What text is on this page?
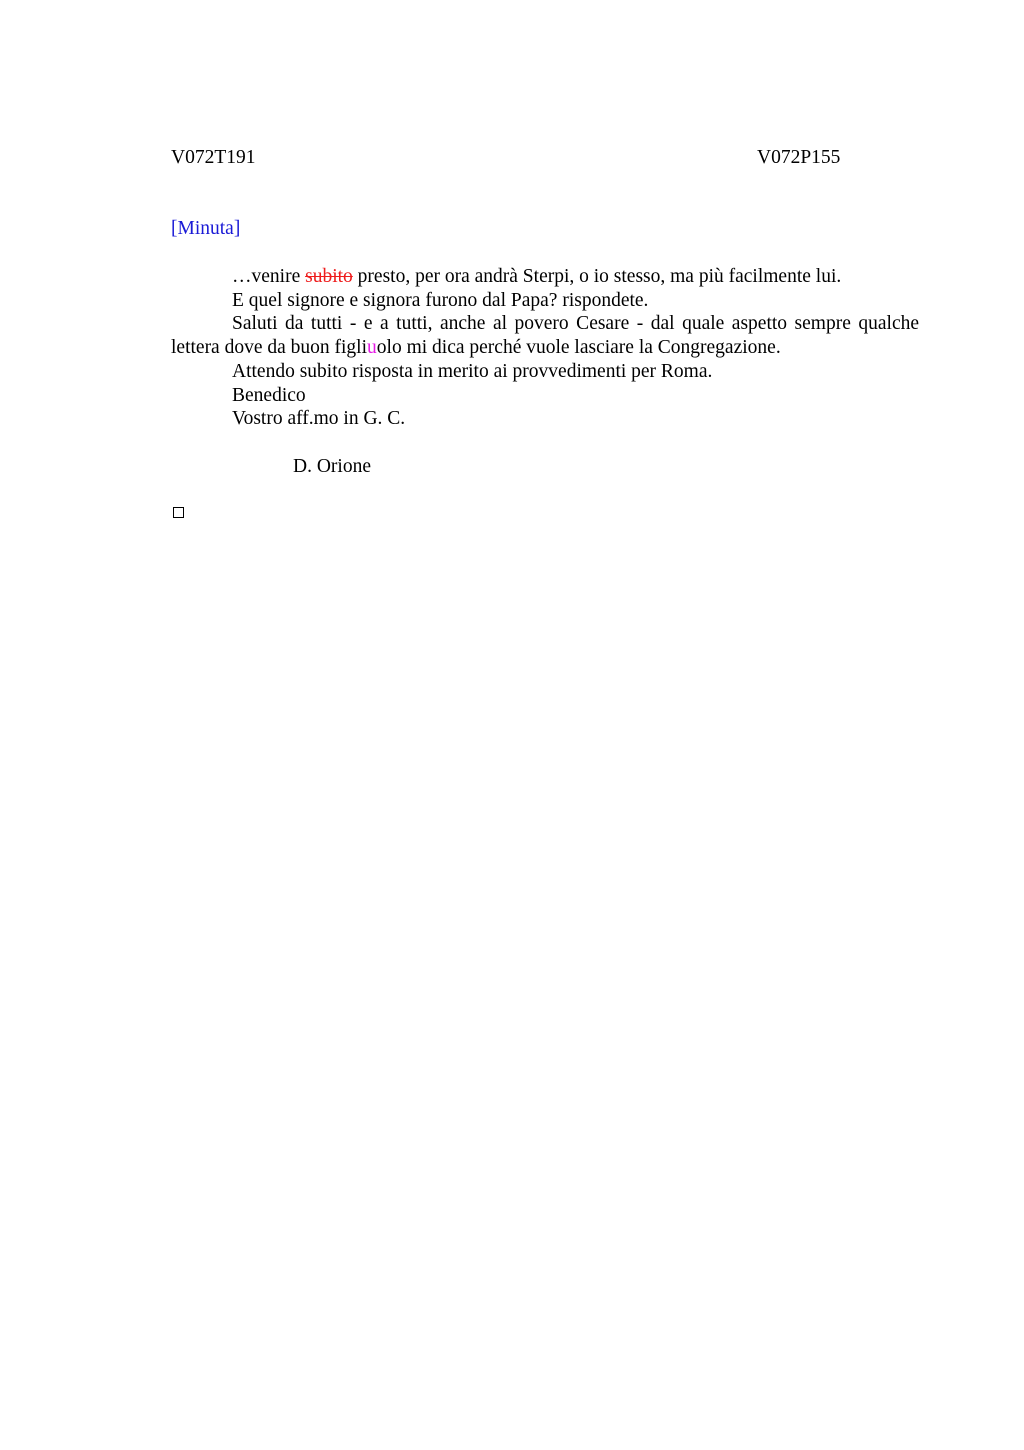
V072T191	V072P155
[Minuta]

…venire subito presto, per ora andrà Sterpi, o io stesso, ma più facilmente lui.

E quel signore e signora furono dal Papa? rispondete.

Saluti da tutti - e a tutti, anche al povero Cesare - dal quale aspetto sempre qualche lettera dove da buon figliuolo mi dica perché vuole lasciare la Congregazione.

Attendo subito risposta in merito ai provvedimenti per Roma.

Benedico

Vostro aff.mo in G. C.

D. Orione
